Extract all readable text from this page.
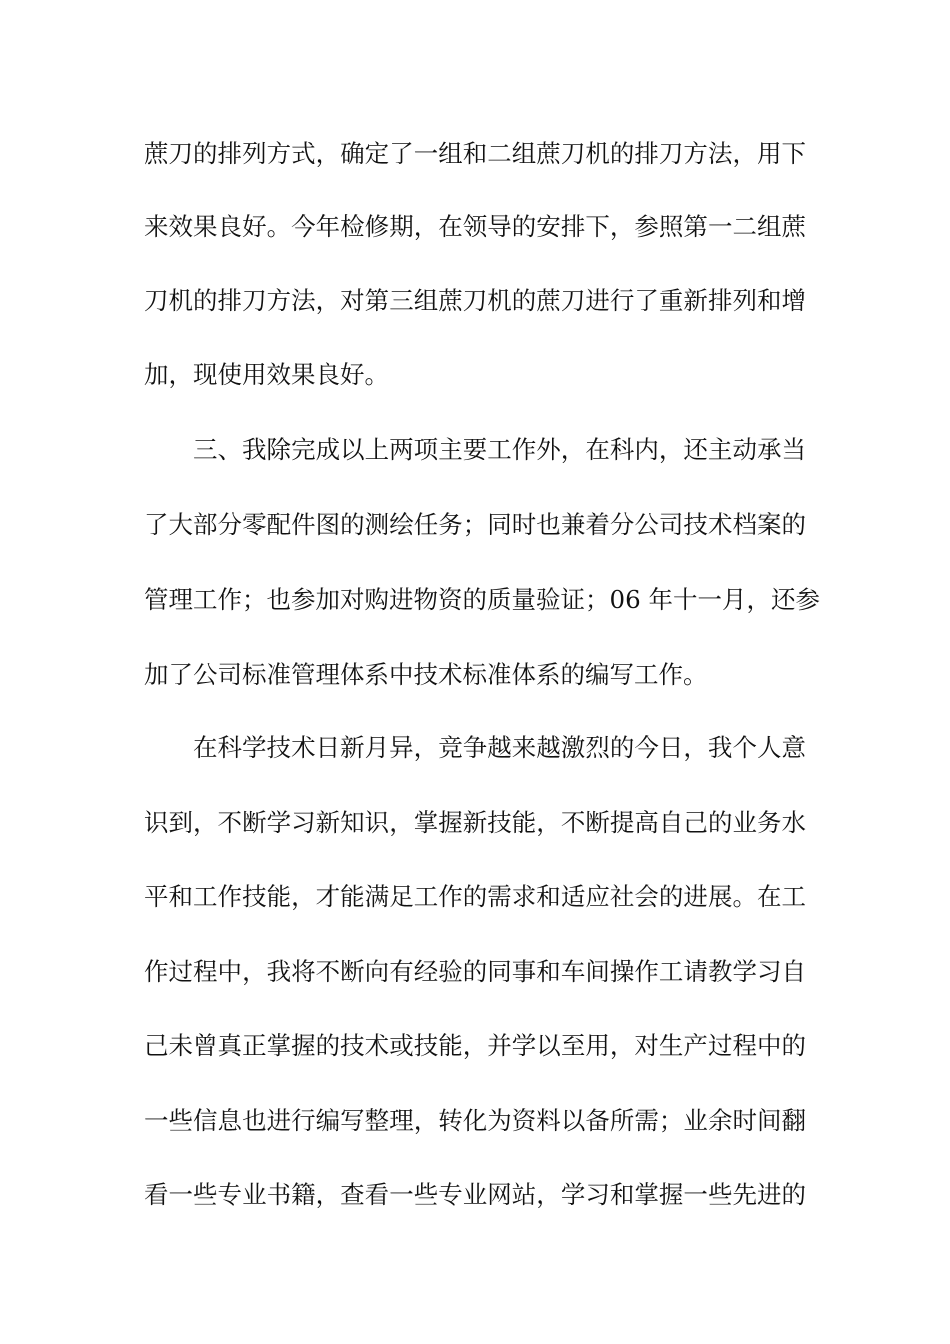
蔗刀的排列方式，确定了一组和二组蔗刀机的排刀方法，用下
来效果良好。今年检修期，在领导的安排下，参照第一二组蔗
刀机的排刀方法，对第三组蔗刀机的蔗刀进行了重新排列和增
加，现使用效果良好。
三、我除完成以上两项主要工作外，在科内，还主动承当
了大部分零配件图的测绘任务；同时也兼着分公司技术档案的
管理工作；也参加对购进物资的质量验证；06 年十一月，还参
加了公司标准管理体系中技术标准体系的编写工作。
在科学技术日新月异，竞争越来越激烈的今日，我个人意
识到，不断学习新知识，掌握新技能，不断提高自己的业务水
平和工作技能，才能满足工作的需求和适应社会的进展。在工
作过程中，我将不断向有经验的同事和车间操作工请教学习自
己未曾真正掌握的技术或技能，并学以至用，对生产过程中的
一些信息也进行编写整理，转化为资料以备所需；业余时间翻
看一些专业书籍，查看一些专业网站，学习和掌握一些先进的
